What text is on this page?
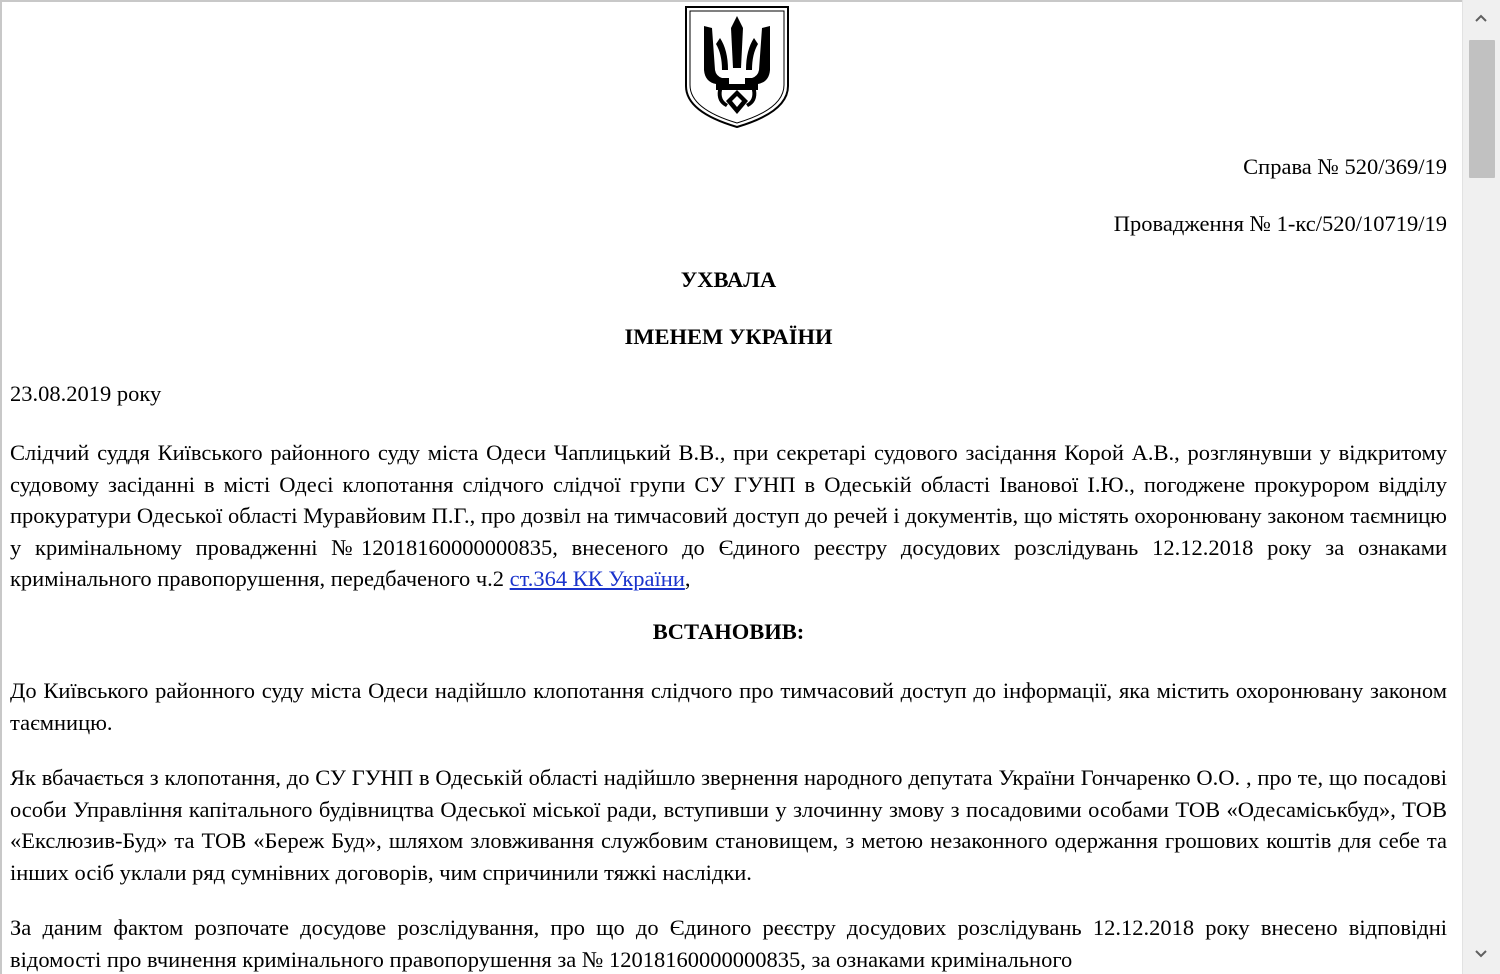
Справа № 520/369/19
Провадження № 1-кс/520/10719/19
УХВАЛА
ІМЕНЕМ УКРАЇНИ
23.08.2019 року
Слідчий суддя Київського районного суду міста Одеси Чаплицький В.В., при секретарі судового засідання Корой А.В., розглянувши у відкритому судовому засіданні в місті Одесі клопотання слідчого слідчої групи СУ ГУНП в Одеській області Іванової І.Ю., погоджене прокурором відділу прокуратури Одеської області Муравйовим П.Г., про дозвіл на тимчасовий доступ до речей і документів, що містять охоронювану законом таємницю у кримінальному провадженні №12018160000000835, внесеного до Єдиного реєстру досудових розслідувань 12.12.2018 року за ознаками кримінального правопорушення, передбаченого ч.2 ст.364 КК України,
ВСТАНОВИВ:
До Київського районного суду міста Одеси надійшло клопотання слідчого про тимчасовий доступ до інформації, яка містить охоронювану законом таємницю.
Як вбачається з клопотання, до СУ ГУНП в Одеській області надійшло звернення народного депутата України Гончаренко О.О. , про те, що посадові особи Управління капітального будівництва Одеської міської ради, вступивши у злочинну змову з посадовими особами ТОВ «Одесаміськбуд», ТОВ «Екслюзив-Буд» та ТОВ «Береж Буд», шляхом зловживання службовим становищем, з метою незаконного одержання грошових коштів для себе та інших осіб уклали ряд сумнівних договорів, чим спричинили тяжкі наслідки.
За даним фактом розпочате досудове розслідування, про що до Єдиного реєстру досудових розслідувань 12.12.2018 року внесено відповідні відомості про вчинення кримінального правопорушення за № 12018160000000835, за ознаками кримінального
